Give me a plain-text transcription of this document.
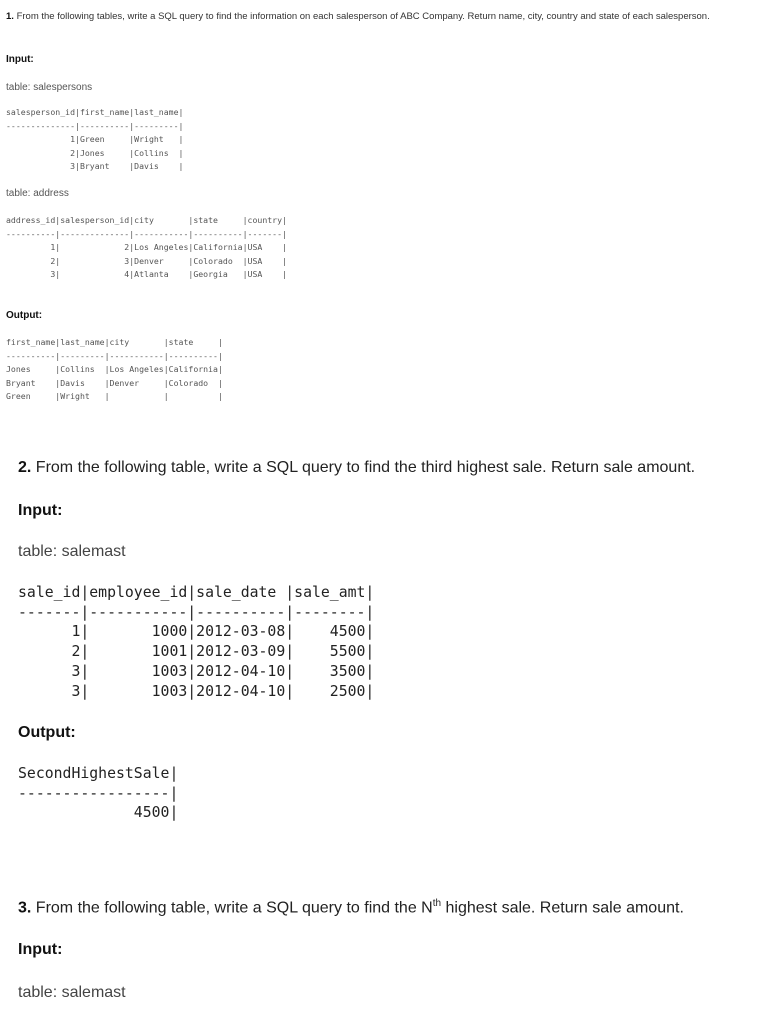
1. From the following tables, write a SQL query to find the information on each salesperson of ABC Company. Return name, city, country and state of each salesperson.
Input:
table: salespersons
salesperson_id|first_name|last_name|
--------------|----------|---------|
1|Green     |Wright   |
2|Jones     |Collins  |
3|Bryant    |Davis    |
table: address
address_id|salesperson_id|city       |state     |country|
----------|--------------|-----------|----------|-------|
1|             2|Los Angeles|California|USA    |
2|             3|Denver     |Colorado  |USA    |
3|             4|Atlanta    |Georgia   |USA    |
Output:
first_name|last_name|city       |state     |
----------|---------|-----------|----------|
Jones     |Collins  |Los Angeles|California|
Bryant    |Davis    |Denver     |Colorado  |
Green     |Wright   |           |          |
2. From the following table, write a SQL query to find the third highest sale. Return sale amount.
Input:
table: salemast
sale_id|employee_id|sale_date |sale_amt|
-------|-----------|----------|--------|
1|       1000|2012-03-08|    4500|
2|       1001|2012-03-09|    5500|
3|       1003|2012-04-10|    3500|
3|       1003|2012-04-10|    2500|
Output:
SecondHighestSale|
-----------------|
4500|
3. From the following table, write a SQL query to find the $N^{th}$ highest sale. Return sale amount.
Input:
table: salemast
